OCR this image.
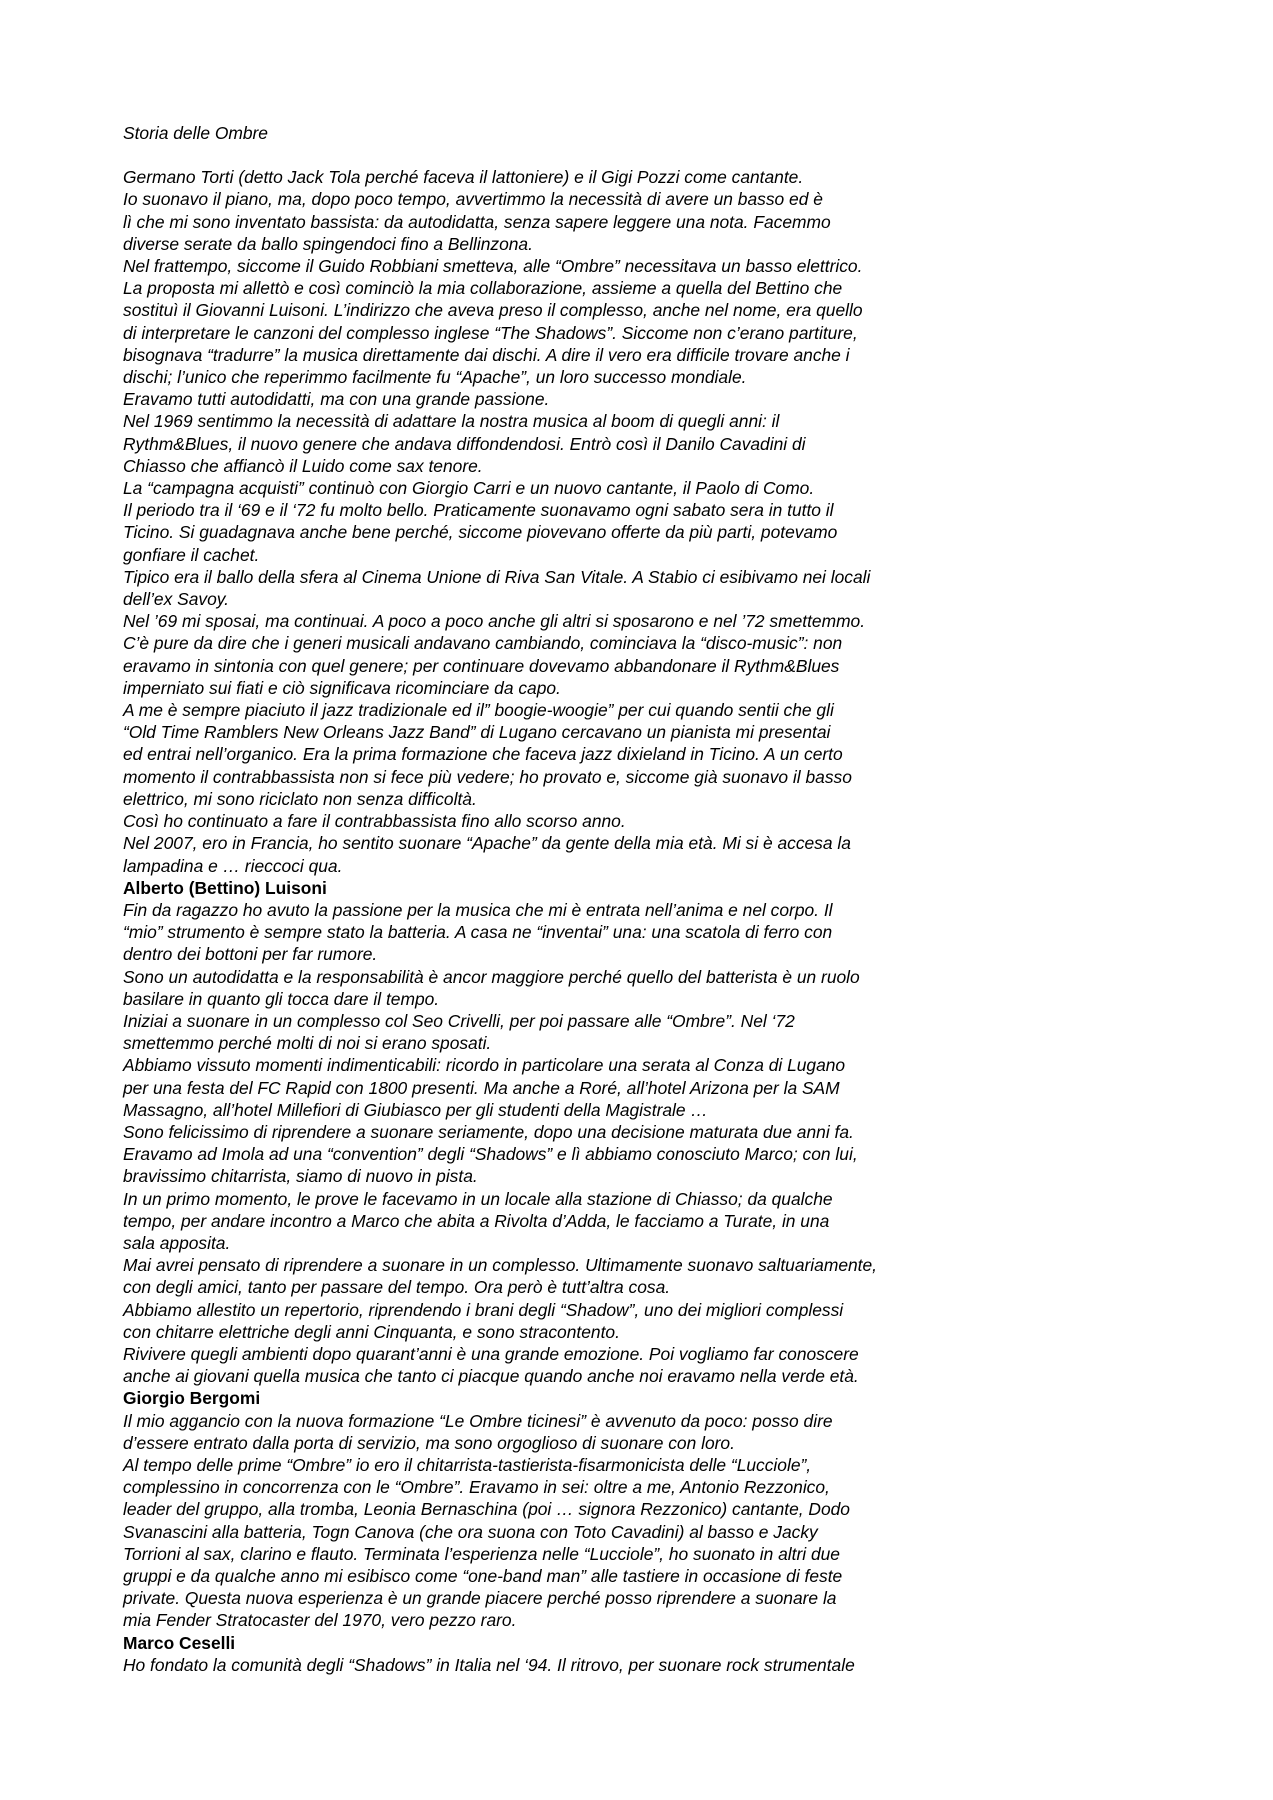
Storia delle Ombre
Germano Torti (detto Jack Tola perché faceva il lattoniere) e il Gigi Pozzi come cantante.
Io suonavo il piano, ma, dopo poco tempo, avvertimmo la necessità di avere un basso ed è
lì che mi sono inventato bassista: da autodidatta, senza sapere leggere una nota. Facemmo
diverse serate da ballo spingendoci fino a Bellinzona.
Nel frattempo, siccome il Guido Robbiani smetteva, alle “Ombre” necessitava un basso elettrico.
La proposta mi allettò e così cominciò la mia collaborazione, assieme a quella del Bettino che
sostituì il Giovanni Luisoni. L’indirizzo che aveva preso il complesso, anche nel nome, era quello
di interpretare le canzoni del complesso inglese “The Shadows”. Siccome non c’erano partiture,
bisognava “tradurre” la musica direttamente dai dischi. A dire il vero era difficile trovare anche i
dischi; l’unico che reperimmo facilmente fu “Apache”, un loro successo mondiale.
Eravamo tutti autodidatti, ma con una grande passione.
Nel 1969 sentimmo la necessità di adattare la nostra musica al boom di quegli anni: il
Rythm&Blues, il nuovo genere che andava diffondendosi. Entrò così il Danilo Cavadini di
Chiasso che affiancò il Luido come sax tenore.
La “campagna acquisti” continuò con Giorgio Carri e un nuovo cantante, il Paolo di Como.
Il periodo tra il ‘69 e il ‘72 fu molto bello. Praticamente suonavamo ogni sabato sera in tutto il
Ticino. Si guadagnava anche bene perché, siccome piovevano offerte da più parti, potevamo
gonfiare il cachet.
Tipico era il ballo della sfera al Cinema Unione di Riva San Vitale. A Stabio ci esibivamo nei locali
dell’ex Savoy.
Nel ’69 mi sposai, ma continuai. A poco a poco anche gli altri si sposarono e nel ’72 smettemmo.
C’è pure da dire che i generi musicali andavano cambiando, cominciava la “disco-music”: non
eravamo in sintonia con quel genere; per continuare dovevamo abbandonare il Rythm&Blues
imperniato sui fiati e ciò significava ricominciare da capo.
A me è sempre piaciuto il jazz tradizionale ed il” boogie-woogie” per cui quando sentii che gli
“Old Time Ramblers New Orleans Jazz Band” di Lugano cercavano un pianista mi presentai
ed entrai nell’organico. Era la prima formazione che faceva jazz dixieland in Ticino. A un certo
momento il contrabbassista non si fece più vedere; ho provato e, siccome già suonavo il basso
elettrico, mi sono riciclato non senza difficoltà.
Così ho continuato a fare il contrabbassista fino allo scorso anno.
Nel 2007, ero in Francia, ho sentito suonare “Apache” da gente della mia età. Mi si è accesa la
lampadina e … rieccoci qua.
Alberto (Bettino) Luisoni
Fin da ragazzo ho avuto la passione per la musica che mi è entrata nell’anima e nel corpo. Il
“mio” strumento è sempre stato la batteria. A casa ne “inventai” una: una scatola di ferro con
dentro dei bottoni per far rumore.
Sono un autodidatta e la responsabilità è ancor maggiore perché quello del batterista è un ruolo
basilare in quanto gli tocca dare il tempo.
Iniziai a suonare in un complesso col Seo Crivelli, per poi passare alle “Ombre”. Nel ‘72
smettemmo perché molti di noi si erano sposati.
Abbiamo vissuto momenti indimenticabili: ricordo in particolare una serata al Conza di Lugano
per una festa del FC Rapid con 1800 presenti. Ma anche a Roré, all’hotel Arizona per la SAM
Massagno, all’hotel Millefiori di Giubiasco per gli studenti della Magistrale …
Sono felicissimo di riprendere a suonare seriamente, dopo una decisione maturata due anni fa.
Eravamo ad Imola ad una “convention” degli “Shadows” e lì abbiamo conosciuto Marco; con lui,
bravissimo chitarrista, siamo di nuovo in pista.
In un primo momento, le prove le facevamo in un locale alla stazione di Chiasso; da qualche
tempo, per andare incontro a Marco che abita a Rivolta d’Adda, le facciamo a Turate, in una
sala apposita.
Mai avrei pensato di riprendere a suonare in un complesso. Ultimamente suonavo saltuariamente,
con degli amici, tanto per passare del tempo. Ora però è tutt’altra cosa.
Abbiamo allestito un repertorio, riprendendo i brani degli “Shadow”, uno dei migliori complessi
con chitarre elettriche degli anni Cinquanta, e sono stracontento.
Rivivere quegli ambienti dopo quarant’anni è una grande emozione. Poi vogliamo far conoscere
anche ai giovani quella musica che tanto ci piacque quando anche noi eravamo nella verde età.
Giorgio Bergomi
Il mio aggancio con la nuova formazione “Le Ombre ticinesi” è avvenuto da poco: posso dire
d’essere entrato dalla porta di servizio, ma sono orgoglioso di suonare con loro.
Al tempo delle prime “Ombre” io ero il chitarrista-tastierista-fisarmonicista delle “Lucciole”,
complessino in concorrenza con le “Ombre”. Eravamo in sei: oltre a me, Antonio Rezzonico,
leader del gruppo, alla tromba, Leonia Bernaschina (poi … signora Rezzonico) cantante, Dodo
Svanascini alla batteria, Togn Canova (che ora suona con Toto Cavadini) al basso e Jacky
Torrioni al sax, clarino e flauto. Terminata l’esperienza nelle “Lucciole”, ho suonato in altri due
gruppi e da qualche anno mi esibisco come “one-band man” alle tastiere in occasione di feste
private. Questa nuova esperienza è un grande piacere perché posso riprendere a suonare la
mia Fender Stratocaster del 1970, vero pezzo raro.
Marco Ceselli
Ho fondato la comunità degli “Shadows” in Italia nel ‘94. Il ritrovo, per suonare rock strumentale
